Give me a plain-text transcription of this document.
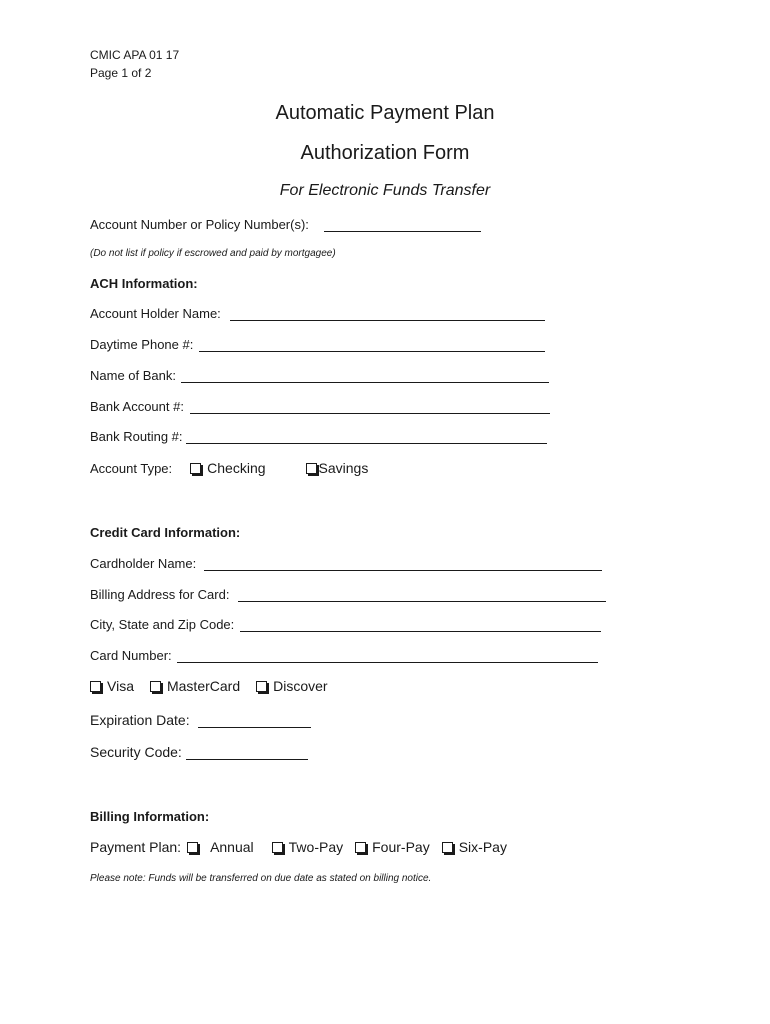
CMIC APA 01 17
Page 1 of 2
Automatic Payment Plan
Authorization Form
For Electronic Funds Transfer
Account Number or Policy Number(s):
(Do not list if policy if escrowed and paid by mortgagee)
ACH Information:
Account Holder Name:
Daytime Phone #:
Name of Bank:
Bank Account #:
Bank Routing #:
Account Type:	Checking	Savings
Credit Card Information:
Cardholder Name:
Billing Address for Card:
City, State and Zip Code:
Card Number:
Visa MasterCard Discover
Expiration Date:
Security Code:
Billing Information:
Payment Plan: Annual	Two-Pay Four-Pay Six-Pay
Please note: Funds will be transferred on due date as stated on billing notice.
